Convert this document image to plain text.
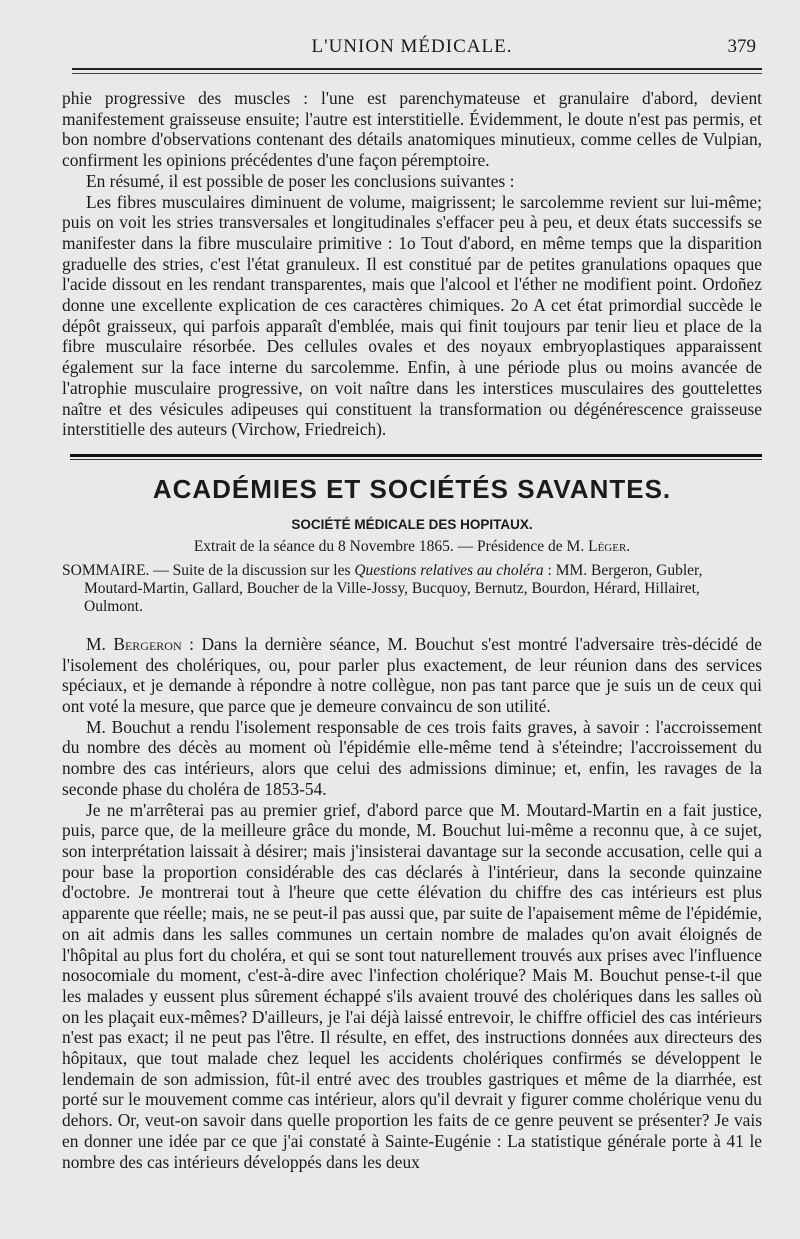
L'UNION MÉDICALE.	379

phie progressive des muscles : l'une est parenchymateuse et granulaire d'abord, devient manifestement graisseuse ensuite; l'autre est interstitielle. Évidemment, le doute n'est pas permis, et bon nombre d'observations contenant des détails anatomiques minutieux, comme celles de Vulpian, confirment les opinions précédentes d'une façon péremptoire.

En résumé, il est possible de poser les conclusions suivantes :

Les fibres musculaires diminuent de volume, maigrissent; le sarcolemme revient sur lui-même; puis on voit les stries transversales et longitudinales s'effacer peu à peu, et deux états successifs se manifester dans la fibre musculaire primitive : 1o Tout d'abord, en même temps que la disparition graduelle des stries, c'est l'état granuleux. Il est constitué par de petites granulations opaques que l'acide dissout en les rendant transparentes, mais que l'alcool et l'éther ne modifient point. Ordoñez donne une excellente explication de ces caractères chimiques. 2o A cet état primordial succède le dépôt graisseux, qui parfois apparaît d'emblée, mais qui finit toujours par tenir lieu et place de la fibre musculaire résorbée. Des cellules ovales et des noyaux embryoplastiques apparaissent également sur la face interne du sarcolemme. Enfin, à une période plus ou moins avancée de l'atrophie musculaire progressive, on voit naître dans les interstices musculaires des gouttelettes naître et des vésicules adipeuses qui constituent la transformation ou dégénérescence graisseuse interstitielle des auteurs (Virchow, Friedreich).

ACADÉMIES ET SOCIÉTÉS SAVANTES.
SOCIÉTÉ MÉDICALE DES HOPITAUX.
Extrait de la séance du 8 Novembre 1865. — Présidence de M. Léger.
SOMMAIRE. — Suite de la discussion sur les Questions relatives au choléra : MM. Bergeron, Gubler, Moutard-Martin, Gallard, Boucher de la Ville-Jossy, Bucquoy, Bernutz, Bourdon, Hérard, Hillairet, Oulmont.

M. Bergeron : Dans la dernière séance, M. Bouchut s'est montré l'adversaire très-décidé de l'isolement des cholériques, ou, pour parler plus exactement, de leur réunion dans des services spéciaux, et je demande à répondre à notre collègue, non pas tant parce que je suis un de ceux qui ont voté la mesure, que parce que je demeure convaincu de son utilité.

M. Bouchut a rendu l'isolement responsable de ces trois faits graves, à savoir : l'accroissement du nombre des décès au moment où l'épidémie elle-même tend à s'éteindre; l'accroissement du nombre des cas intérieurs, alors que celui des admissions diminue; et, enfin, les ravages de la seconde phase du choléra de 1853-54.

Je ne m'arrêterai pas au premier grief, d'abord parce que M. Moutard-Martin en a fait justice, puis, parce que, de la meilleure grâce du monde, M. Bouchut lui-même a reconnu que, à ce sujet, son interprétation laissait à désirer; mais j'insisterai davantage sur la seconde accusation, celle qui a pour base la proportion considérable des cas déclarés à l'intérieur, dans la seconde quinzaine d'octobre. Je montrerai tout à l'heure que cette élévation du chiffre des cas intérieurs est plus apparente que réelle; mais, ne se peut-il pas aussi que, par suite de l'apaisement même de l'épidémie, on ait admis dans les salles communes un certain nombre de malades qu'on avait éloignés de l'hôpital au plus fort du choléra, et qui se sont tout naturellement trouvés aux prises avec l'influence nosocomiale du moment, c'est-à-dire avec l'infection cholérique? Mais M. Bouchut pense-t-il que les malades y eussent plus sûrement échappé s'ils avaient trouvé des cholériques dans les salles où on les plaçait eux-mêmes? D'ailleurs, je l'ai déjà laissé entrevoir, le chiffre officiel des cas intérieurs n'est pas exact; il ne peut pas l'être. Il résulte, en effet, des instructions données aux directeurs des hôpitaux, que tout malade chez lequel les accidents cholériques confirmés se développent le lendemain de son admission, fût-il entré avec des troubles gastriques et même de la diarrhée, est porté sur le mouvement comme cas intérieur, alors qu'il devrait y figurer comme cholérique venu du dehors. Or, veut-on savoir dans quelle proportion les faits de ce genre peuvent se présenter? Je vais en donner une idée par ce que j'ai constaté à Sainte-Eugénie : La statistique générale porte à 41 le nombre des cas intérieurs développés dans les deux
